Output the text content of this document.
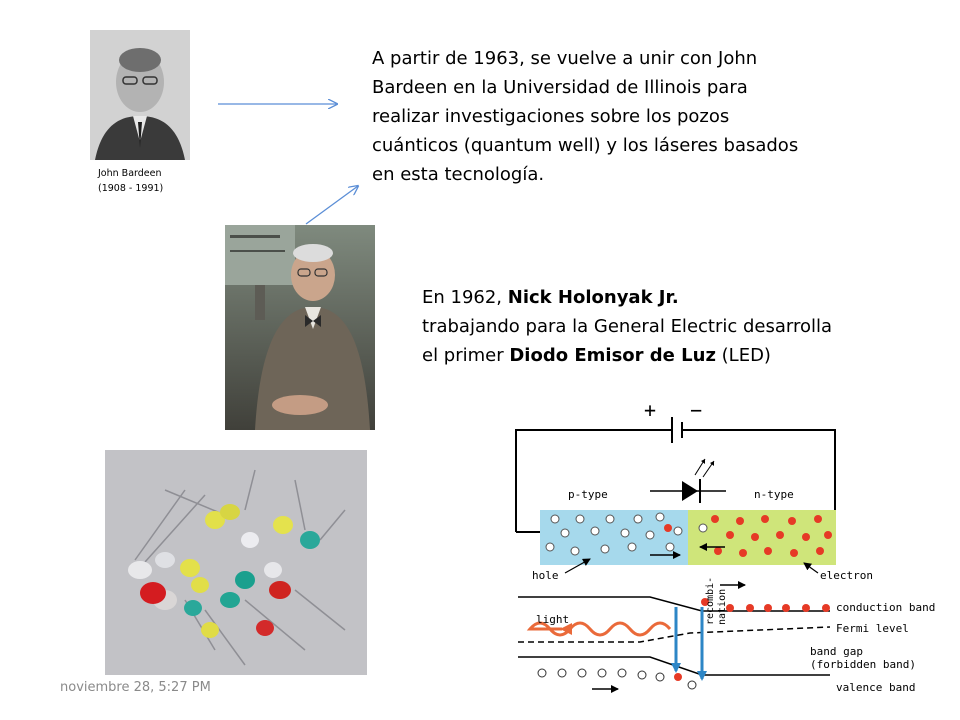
John Bardeen
(1908 - 1991)
A partir de 1963, se vuelve a unir con John Bardeen en la Universidad de Illinois para realizar investigaciones sobre los pozos cuánticos (quantum well) y los láseres basados en esta tecnología.
En 1962, Nick Holonyak Jr.
trabajando para la General Electric desarrolla
el primer Diodo Emisor de Luz (LED)
+ −
p-type	n-type
hole	electron
light	recombi- nation	conduction band
Fermi level
band gap
(forbidden band)
valence band
noviembre 28, 5:27 PM
